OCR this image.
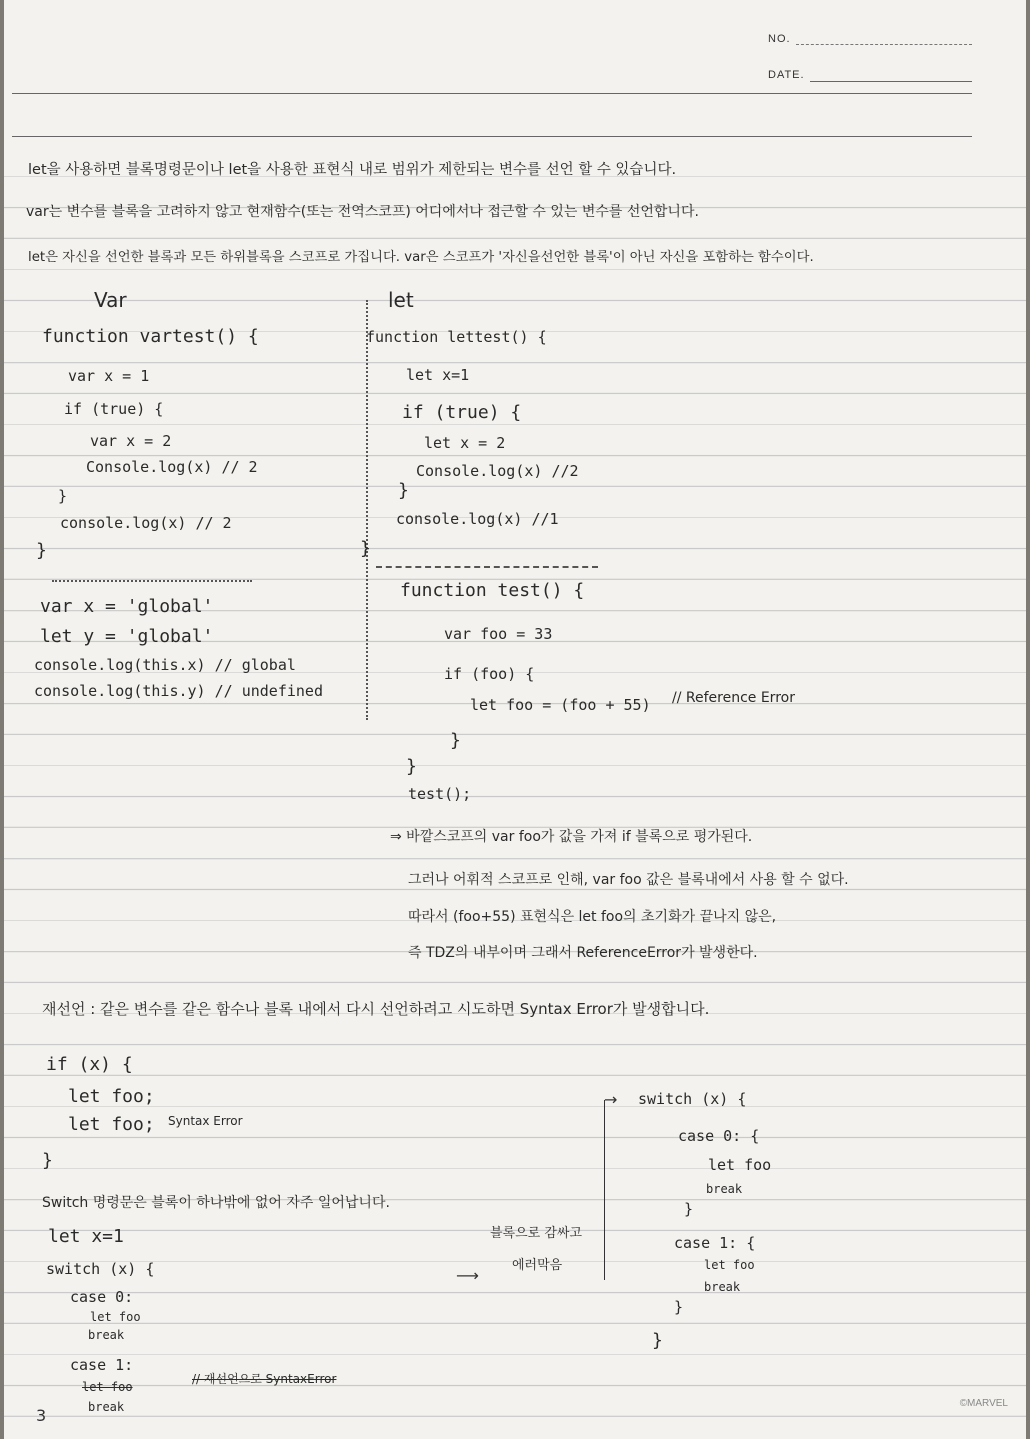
NO.
DATE.
let을 사용하면 블록명령문이나 let을 사용한 표현식 내로 범위가 제한되는 변수를 선언 할 수 있습니다.
var는 변수를 블록을 고려하지 않고 현재함수(또는 전역스코프) 어디에서나 접근할 수 있는 변수를 선언합니다.
let은 자신을 선언한 블록과 모든 하위블록을 스코프로 가집니다. var은 스코프가 '자신을선언한 블록'이 아닌 자신을 포함하는 함수이다.
Var
function vartest() {
var x = 1
if (true) {
var x = 2
Console.log(x) // 2
}
console.log(x) // 2
}
var x = 'global'
let y = 'global'
console.log(this.x) // global
console.log(this.y) // undefined
let
function lettest() {
let x=1
if (true) {
let x = 2
Console.log(x) //2
}
console.log(x) //1
}
function test() {
var foo = 33
if (foo) {
let foo = (foo + 55) // Reference Error
}
}
test();
⇒ 바깥스코프의 var foo가 값을 가져 if 블록으로 평가된다.
그러나 어휘적 스코프로 인해, var foo 값은 블록내에서 사용 할 수 없다.
따라서 (foo+55) 표현식은 let foo의 초기화가 끝나지 않은,
즉 TDZ의 내부이며 그래서 ReferenceError가 발생한다.
재선언 : 같은 변수를 같은 함수나 블록 내에서 다시 선언하려고 시도하면 Syntax Error가 발생합니다.
if (x) {
let foo;
let foo; Syntax Error
}
Switch 명령문은 블록이 하나밖에 없어 자주 일어납니다.
let x=1
switch (x) {
case 0:
let foo
break
case 1:
let foo
break
// 재선언으로 SyntaxError
블록으로 감싸고
에러막음
⟶
→ switch (x) {
case 0: {
let foo
break
}
case 1: {
let foo
break
}
}
3
©MARVEL
